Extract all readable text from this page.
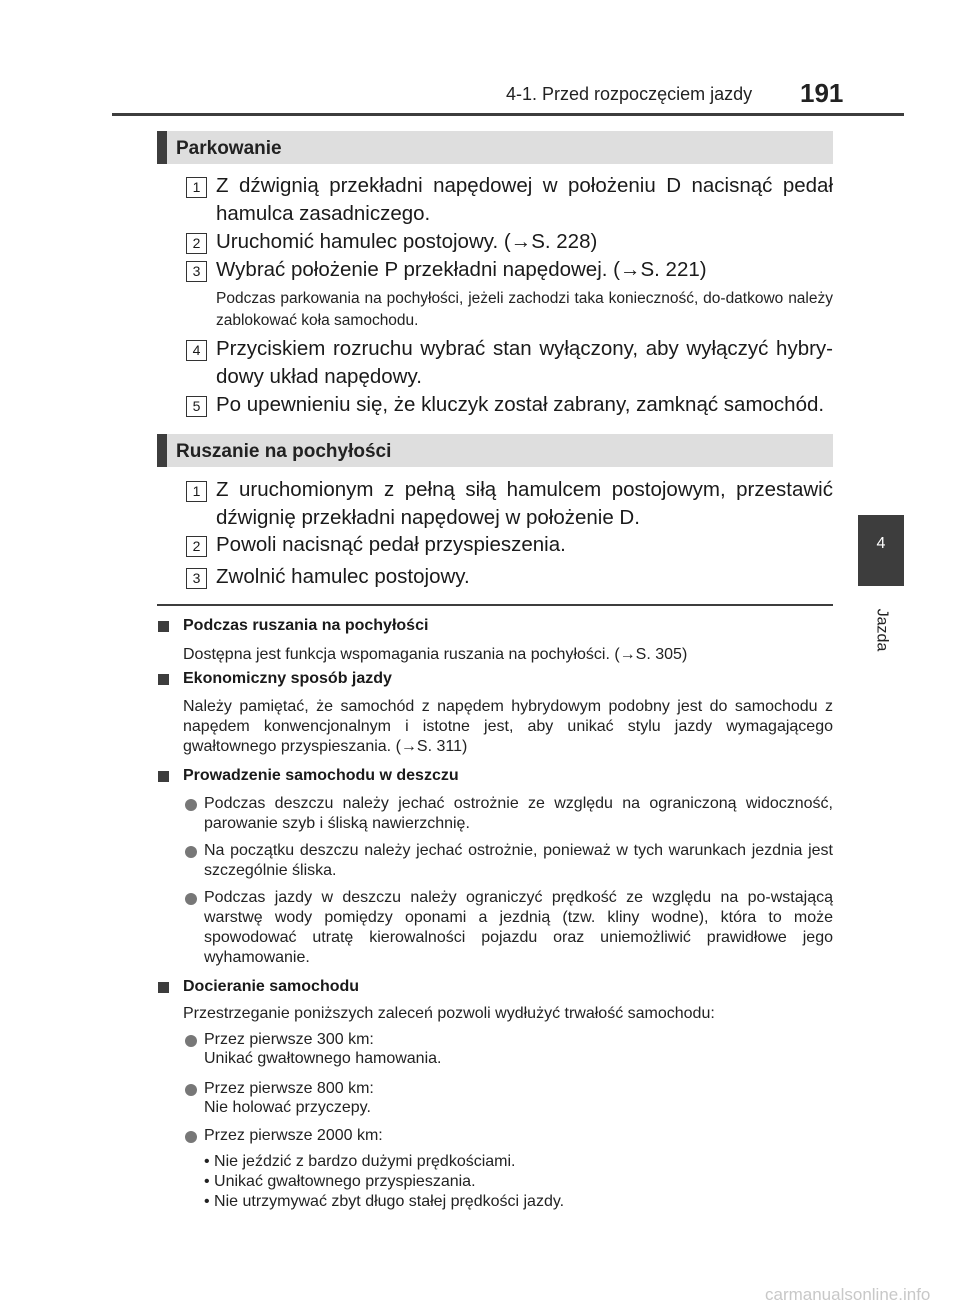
4-1. Przed rozpoczęciem jazdy 191
4
Jazda
Parkowanie
1 Z dźwignią przekładni napędowej w położeniu D nacisnąć pedał hamulca zasadniczego.
2 Uruchomić hamulec postojowy. (→S. 228)
3 Wybrać położenie P przekładni napędowej. (→S. 221)
Podczas parkowania na pochyłości, jeżeli zachodzi taka konieczność, do-datkowo należy zablokować koła samochodu.
4 Przyciskiem rozruchu wybrać stan wyłączony, aby wyłączyć hybry-dowy układ napędowy.
5 Po upewnieniu się, że kluczyk został zabrany, zamknąć samochód.
Ruszanie na pochyłości
1 Z uruchomionym z pełną siłą hamulcem postojowym, przestawić dźwignię przekładni napędowej w położenie D.
2 Powoli nacisnąć pedał przyspieszenia.
3 Zwolnić hamulec postojowy.
Podczas ruszania na pochyłości
Dostępna jest funkcja wspomagania ruszania na pochyłości. (→S. 305)
Ekonomiczny sposób jazdy
Należy pamiętać, że samochód z napędem hybrydowym podobny jest do samochodu z napędem konwencjonalnym i istotne jest, aby unikać stylu jazdy wymagającego gwałtownego przyspieszania. (→S. 311)
Prowadzenie samochodu w deszczu
Podczas deszczu należy jechać ostrożnie ze względu na ograniczoną widoczność, parowanie szyb i śliską nawierzchnię.
Na początku deszczu należy jechać ostrożnie, ponieważ w tych warunkach jezdnia jest szczególnie śliska.
Podczas jazdy w deszczu należy ograniczyć prędkość ze względu na po-wstającą warstwę wody pomiędzy oponami a jezdnią (tzw. kliny wodne), która to może spowodować utratę kierowalności pojazdu oraz uniemożliwić prawidłowe jego wyhamowanie.
Docieranie samochodu
Przestrzeganie poniższych zaleceń pozwoli wydłużyć trwałość samochodu:
Przez pierwsze 300 km:
Unikać gwałtownego hamowania.
Przez pierwsze 800 km:
Nie holować przyczepy.
Przez pierwsze 2000 km:
• Nie jeździć z bardzo dużymi prędkościami.
• Unikać gwałtownego przyspieszania.
• Nie utrzymywać zbyt długo stałej prędkości jazdy.
carmanualsonline.info
